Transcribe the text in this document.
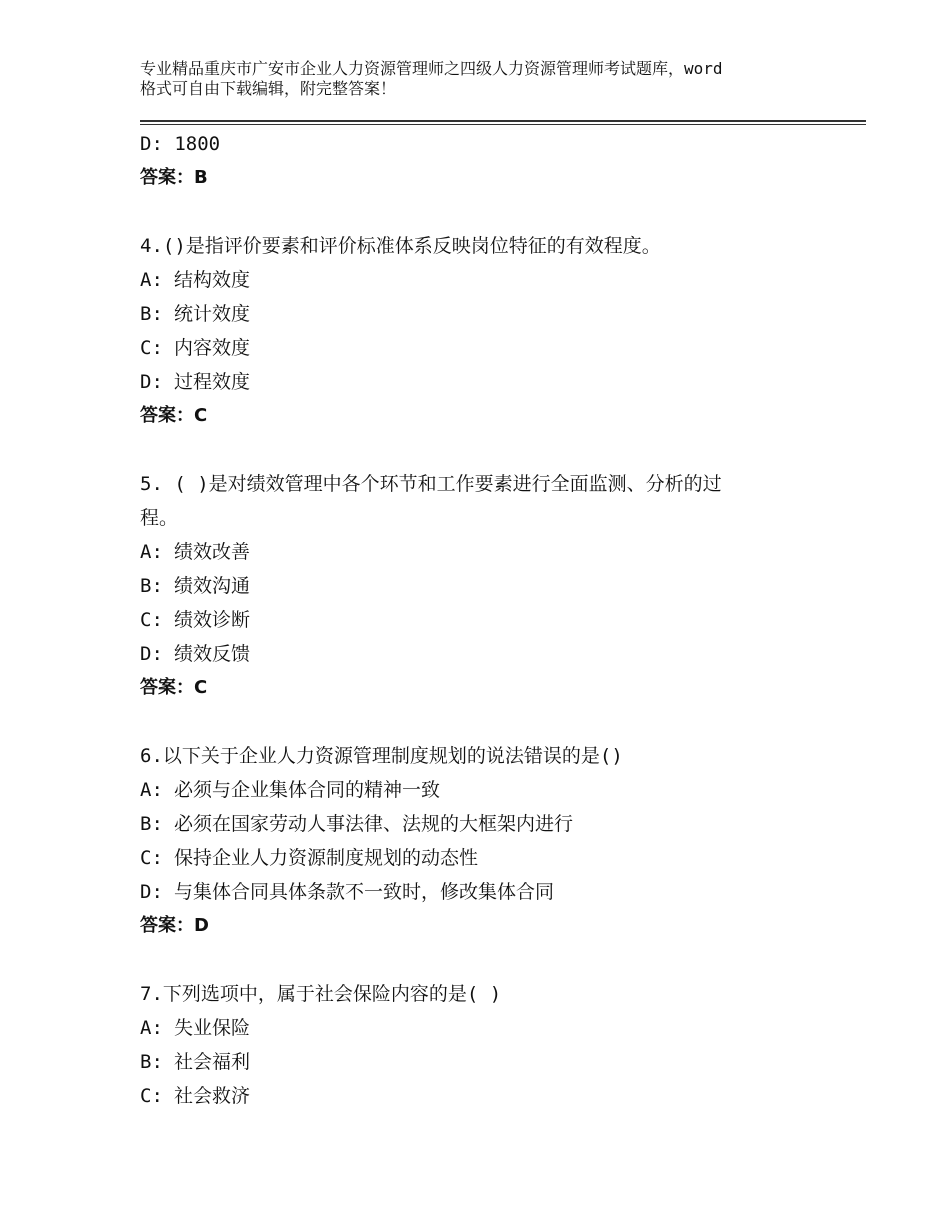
专业精品重庆市广安市企业人力资源管理师之四级人力资源管理师考试题库，word
格式可自由下载编辑，附完整答案！
D: 1800
答案：B
4.()是指评价要素和评价标准体系反映岗位特征的有效程度。
A: 结构效度
B: 统计效度
C: 内容效度
D: 过程效度
答案：C
5. ( )是对绩效管理中各个环节和工作要素进行全面监测、分析的过
程。
A: 绩效改善
B: 绩效沟通
C: 绩效诊断
D: 绩效反馈
答案：C
6.以下关于企业人力资源管理制度规划的说法错误的是()
A: 必须与企业集体合同的精神一致
B: 必须在国家劳动人事法律、法规的大框架内进行
C: 保持企业人力资源制度规划的动态性
D: 与集体合同具体条款不一致时，修改集体合同
答案：D
7.下列选项中，属于社会保险内容的是( )
A: 失业保险
B: 社会福利
C: 社会救济
